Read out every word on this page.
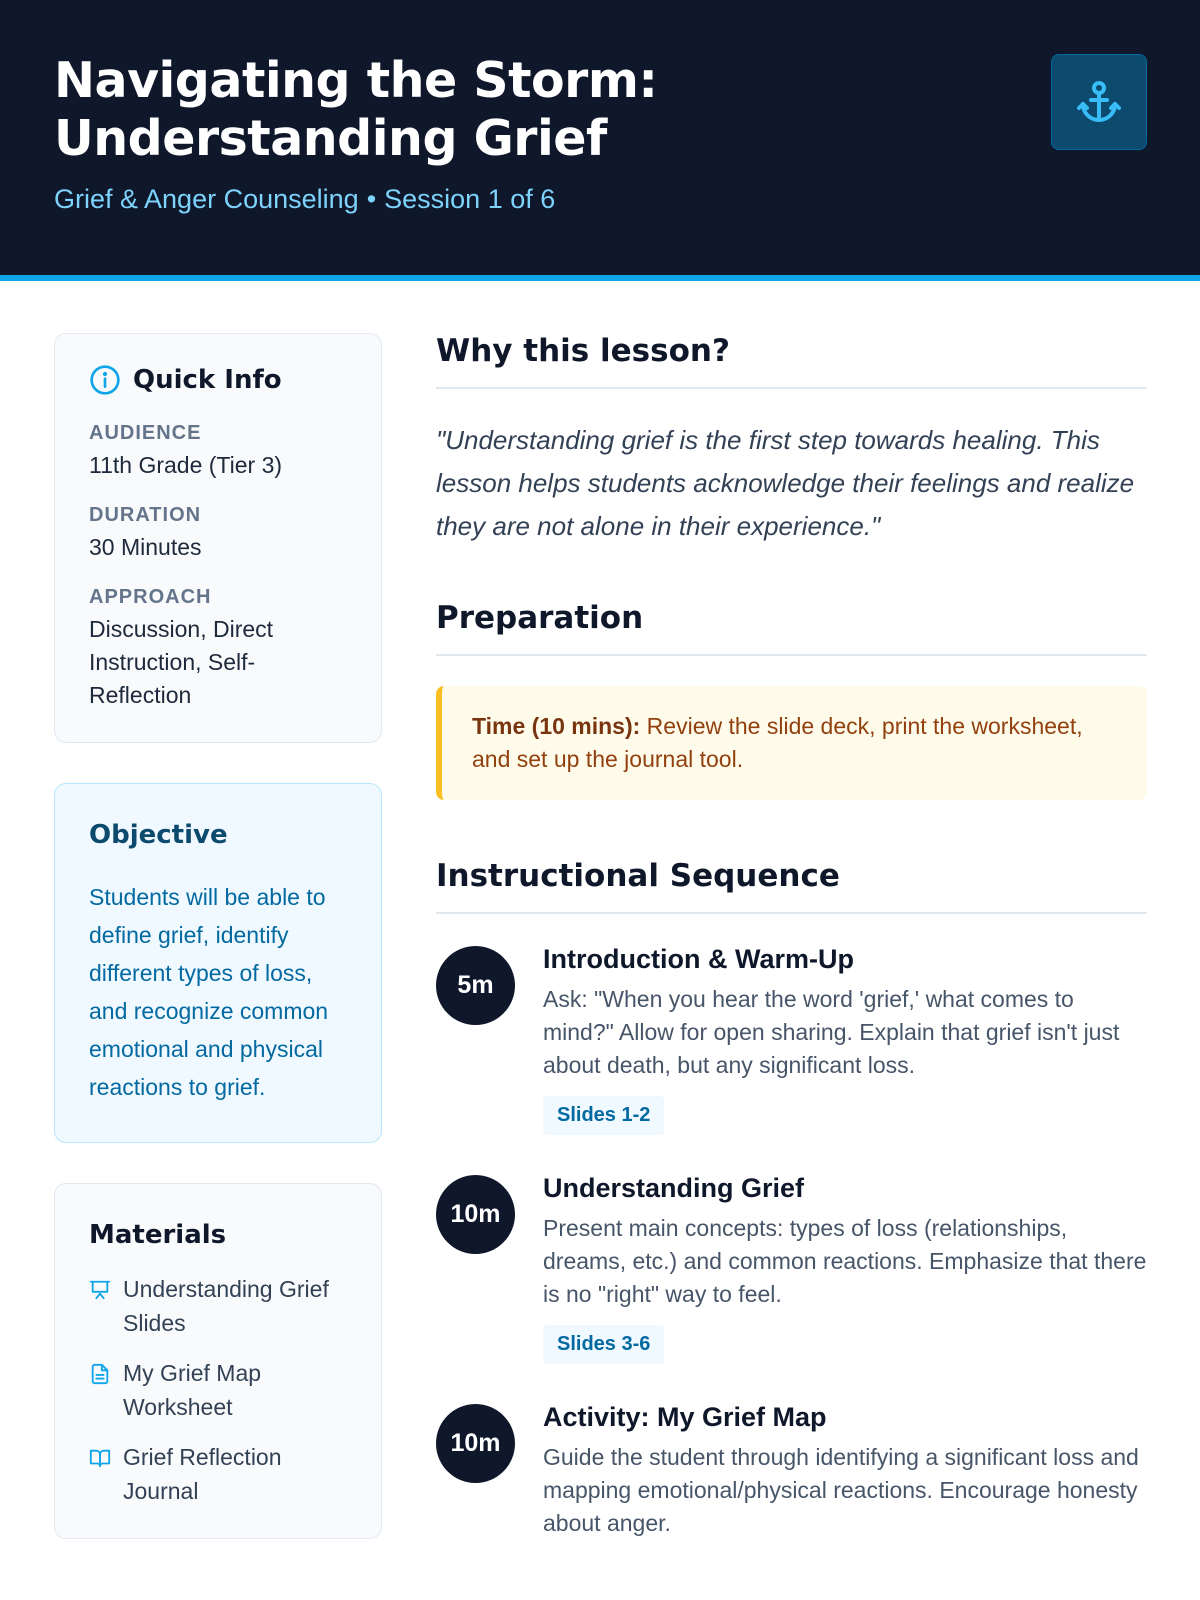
Navigating the Storm: Understanding Grief
Grief & Anger Counseling • Session 1 of 6
Quick Info
AUDIENCE
11th Grade (Tier 3)
DURATION
30 Minutes
APPROACH
Discussion, Direct Instruction, Self-Reflection
Objective

Students will be able to define grief, identify different types of loss, and recognize common emotional and physical reactions to grief.

Materials
Understanding Grief Slides
My Grief Map Worksheet
Grief Reflection Journal
Why this lesson?

"Understanding grief is the first step towards healing. This lesson helps students acknowledge their feelings and realize they are not alone in their experience."

Preparation
Time (10 mins): Review the slide deck, print the worksheet, and set up the journal tool.
Instructional Sequence
5m
Introduction & Warm-Up
Ask: "When you hear the word 'grief,' what comes to mind?" Allow for open sharing. Explain that grief isn't just about death, but any significant loss.
Slides 1-2
10m
Understanding Grief
Present main concepts: types of loss (relationships, dreams, etc.) and common reactions. Emphasize that there is no "right" way to feel.
Slides 3-6
10m
Activity: My Grief Map
Guide the student through identifying a significant loss and mapping emotional/physical reactions. Encourage honesty about anger.
